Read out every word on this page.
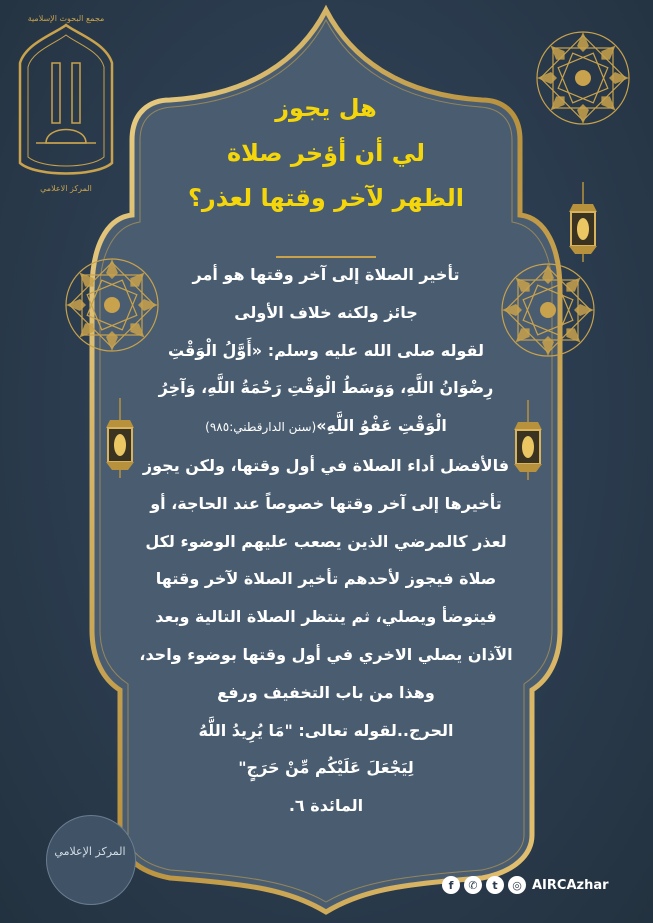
مجمع البحوث الإسلامية
المركز الاعلامي
هل يجوز
لي أن أؤخر صلاة
الظهر لآخر وقتها لعذر؟
تأخير الصلاة إلى آخر وقتها هو أمر
جائز ولكنه خلاف الأولى
لقوله صلى الله عليه وسلم: «أَوَّلُ الْوَقْتِ
رِضْوَانُ اللَّهِ، وَوَسَطُ الْوَقْتِ رَحْمَةُ اللَّهِ، وَآخِرُ
الْوَقْتِ عَفْوُ اللَّهِ»(سنن الدارقطني:٩٨٥)
فالأفضل أداء الصلاة في أول وقتها، ولكن يجوز
تأخيرها إلى آخر وقتها خصوصاً عند الحاجة، أو
لعذر كالمرضي الذين يصعب عليهم الوضوء لكل
صلاة فيجوز لأحدهم تأخير الصلاة لآخر وقتها
فيتوضأ ويصلي، ثم ينتظر الصلاة التالية وبعد
الآذان يصلي الاخري في أول وقتها بوضوء واحد،
وهذا من باب التخفيف ورفع
الحرج..لقوله تعالى: "مَا يُرِيدُ اللَّهُ
لِيَجْعَلَ عَلَيْكُم مِّنْ حَرَجٍ"
المائدة ٦.
المركز الإعلامي
f	✆	t	◎ AIRCAzhar
